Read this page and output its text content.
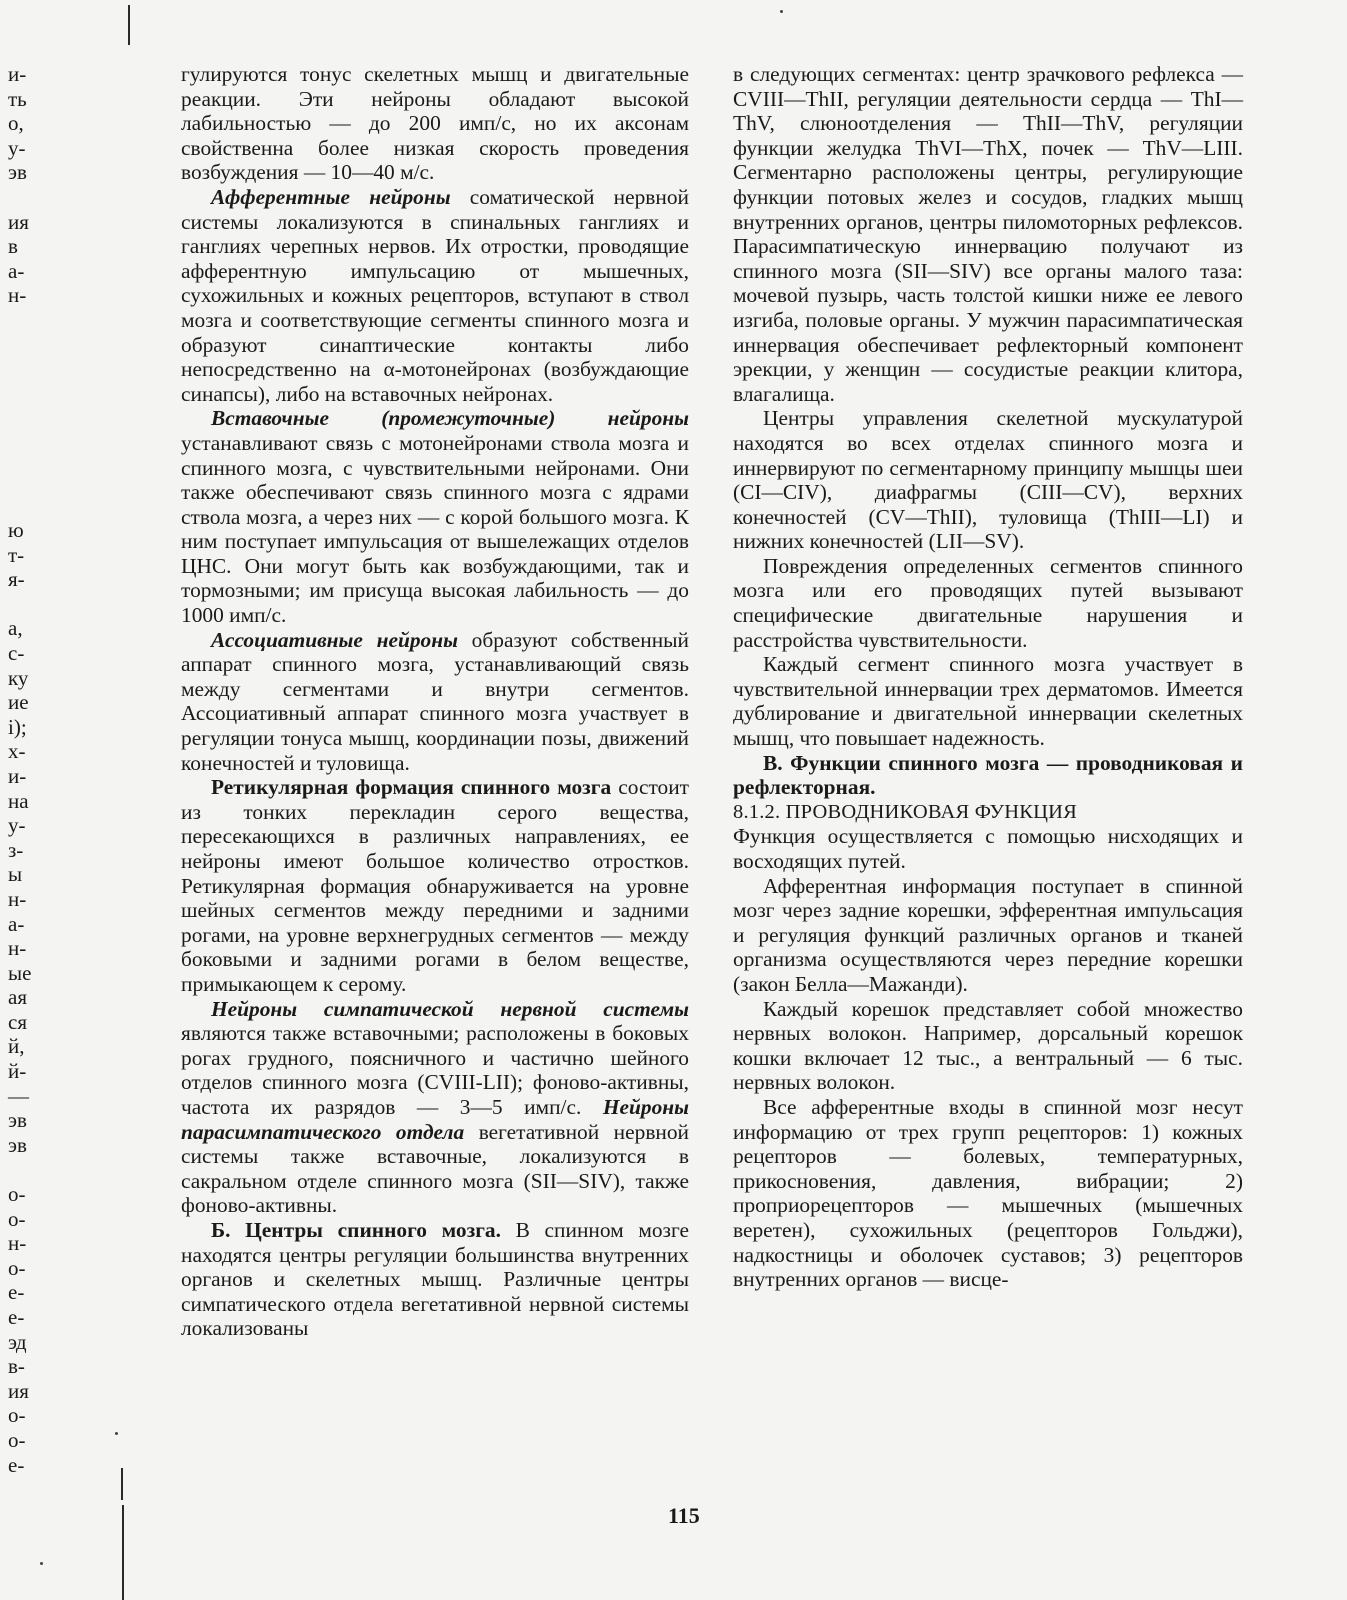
и-
ть
о,
у-
эв
ия
в
а-
н-
ю
т-
я-
а,
с-
ку
ие
і);
х-
и-
на
у-
з-
ы
н-
а-
н-
ые
ая
ся
й,
й-
—
эв
эв
о-
о-
н-
о-
е-
е-
эд
в-
ия
о-
о-
е-

гулируются тонус скелетных мышц и двигательные реакции. Эти нейроны обладают высокой лабильностью — до 200 имп/с, но их аксонам свойственна более низкая скорость проведения возбуждения — 10—40 м/с.

Афферентные нейроны соматической нервной системы локализуются в спинальных ганглиях и ганглиях черепных нервов. Их отростки, проводящие афферентную импульсацию от мышечных, сухожильных и кожных рецепторов, вступают в ствол мозга и соответствующие сегменты спинного мозга и образуют синаптические контакты либо непосредственно на α-мотонейронах (возбуждающие синапсы), либо на вставочных нейронах.

Вставочные (промежуточные) нейроны устанавливают связь с мотонейронами ствола мозга и спинного мозга, с чувствительными нейронами. Они также обеспечивают связь спинного мозга с ядрами ствола мозга, а через них — с корой большого мозга. К ним поступает импульсация от вышележащих отделов ЦНС. Они могут быть как возбуждающими, так и тормозными; им присуща высокая лабильность — до 1000 имп/с.

Ассоциативные нейроны образуют собственный аппарат спинного мозга, устанавливающий связь между сегментами и внутри сегментов. Ассоциативный аппарат спинного мозга участвует в регуляции тонуса мышц, координации позы, движений конечностей и туловища.

Ретикулярная формация спинного мозга состоит из тонких перекладин серого вещества, пересекающихся в различных направлениях, ее нейроны имеют большое количество отростков. Ретикулярная формация обнаруживается на уровне шейных сегментов между передними и задними рогами, на уровне верхнегрудных сегментов — между боковыми и задними рогами в белом веществе, примыкающем к серому.

Нейроны симпатической нервной системы являются также вставочными; расположены в боковых рогах грудного, поясничного и частично шейного отделов спинного мозга (CVIII-LII); фоново-активны, частота их разрядов — 3—5 имп/с. Нейроны парасимпатического отдела вегетативной нервной системы также вставочные, локализуются в сакральном отделе спинного мозга (SII—SIV), также фоново-активны.

Б. Центры спинного мозга. В спинном мозге находятся центры регуляции большинства внутренних органов и скелетных мышц. Различные центры симпатического отдела вегетативной нервной системы локализованы

в следующих сегментах: центр зрачкового рефлекса — CVIII—ThII, регуляции деятельности сердца — ThI—ThV, слюноотделения — ThII—ThV, регуляции функции желудка ThVI—ThX, почек — ThV—LIII. Сегментарно расположены центры, регулирующие функции потовых желез и сосудов, гладких мышц внутренних органов, центры пиломоторных рефлексов. Парасимпатическую иннервацию получают из спинного мозга (SII—SIV) все органы малого таза: мочевой пузырь, часть толстой кишки ниже ее левого изгиба, половые органы. У мужчин парасимпатическая иннервация обеспечивает рефлекторный компонент эрекции, у женщин — сосудистые реакции клитора, влагалища.

Центры управления скелетной мускулатурой находятся во всех отделах спинного мозга и иннервируют по сегментарному принципу мышцы шеи (CI—CIV), диафрагмы (CIII—CV), верхних конечностей (CV—ThII), туловища (ThIII—LI) и нижних конечностей (LII—SV).

Повреждения определенных сегментов спинного мозга или его проводящих путей вызывают специфические двигательные нарушения и расстройства чувствительности.

Каждый сегмент спинного мозга участвует в чувствительной иннервации трех дерматомов. Имеется дублирование и двигательной иннервации скелетных мышц, что повышает надежность.

В. Функции спинного мозга — проводниковая и рефлекторная.

8.1.2. ПРОВОДНИКОВАЯ ФУНКЦИЯ

Функция осуществляется с помощью нисходящих и восходящих путей.

Афферентная информация поступает в спинной мозг через задние корешки, эфферентная импульсация и регуляция функций различных органов и тканей организма осуществляются через передние корешки (закон Белла—Мажанди).

Каждый корешок представляет собой множество нервных волокон. Например, дорсальный корешок кошки включает 12 тыс., а вентральный — 6 тыс. нервных волокон.

Все афферентные входы в спинной мозг несут информацию от трех групп рецепторов: 1) кожных рецепторов — болевых, температурных, прикосновения, давления, вибрации; 2) проприорецепторов — мышечных (мышечных веретен), сухожильных (рецепторов Гольджи), надкостницы и оболочек суставов; 3) рецепторов внутренних органов — висце-

115
